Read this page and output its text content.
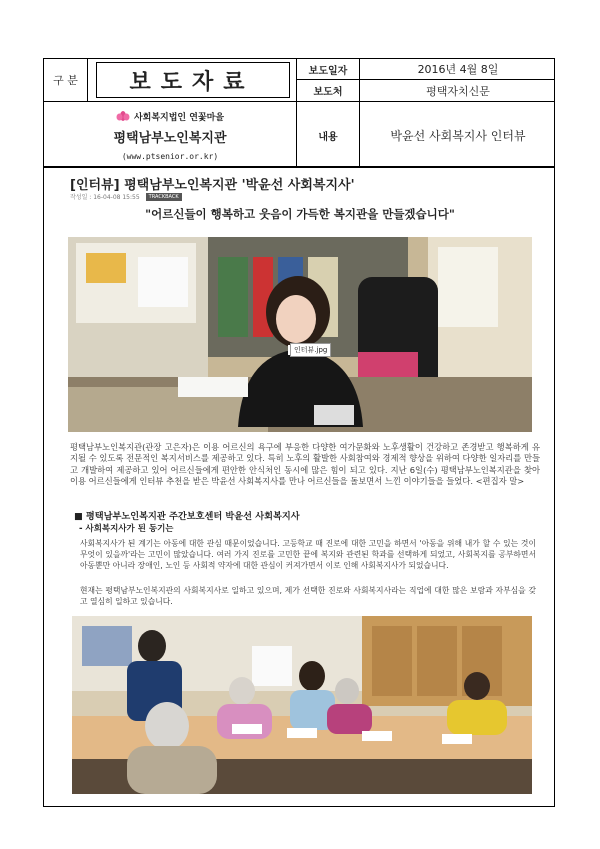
구 분	보도자료	보도일자	2016년 4월 8일
보도처	평택자치신문
사회복지법인 연꽃마을
평택남부노인복지관
(www.ptsenior.or.kr)
내용	박윤선 사회복지사 인터뷰
[인터뷰] 평택남부노인복지관 '박윤선 사회복지사'
작성일 : 16-04-08 15:55	TRACKBACK
"어르신들이 행복하고 웃음이 가득한 복지관을 만들겠습니다"
인터뷰.jpg
평택남부노인복지관(관장 고은자)은 이용 어르신의 욕구에 부응한 다양한 여가문화와 노후생활이 건강하고 존경받고 행복하게 유지될 수 있도록 전문적인 복지서비스를 제공하고 있다. 특히 노후의 활발한 사회참여와 경제적 향상을 위하여 다양한 일자리를 만들고 개발하여 제공하고 있어 어르신들에게 편안한 안식처인 동시에 많은 힘이 되고 있다. 지난 6일(수) 평택남부노인복지관을 찾아 이용 어르신들에게 인터뷰 추천을 받은 박윤선 사회복지사를 만나 어르신들을 돌보면서 느낀 이야기들을 들었다. <편집자 말>
■ 평택남부노인복지관 주간보호센터 박윤선 사회복지사
- 사회복지사가 된 동기는
사회복지사가 된 계기는 아동에 대한 관심 때문이었습니다. 고등학교 때 진로에 대한 고민을 하면서 '아동을 위해 내가 할 수 있는 것이 무엇이 있을까'라는 고민이 많았습니다. 여러 가지 진로를 고민한 끝에 복지와 관련된 학과를 선택하게 되었고, 사회복지를 공부하면서 아동뿐만 아니라 장애인, 노인 등 사회적 약자에 대한 관심이 커져가면서 이로 인해 사회복지사가 되었습니다.
현재는 평택남부노인복지관의 사회복지사로 일하고 있으며, 제가 선택한 진로와 사회복지사라는 직업에 대한 많은 보람과 자부심을 갖고 열심히 일하고 있습니다.
